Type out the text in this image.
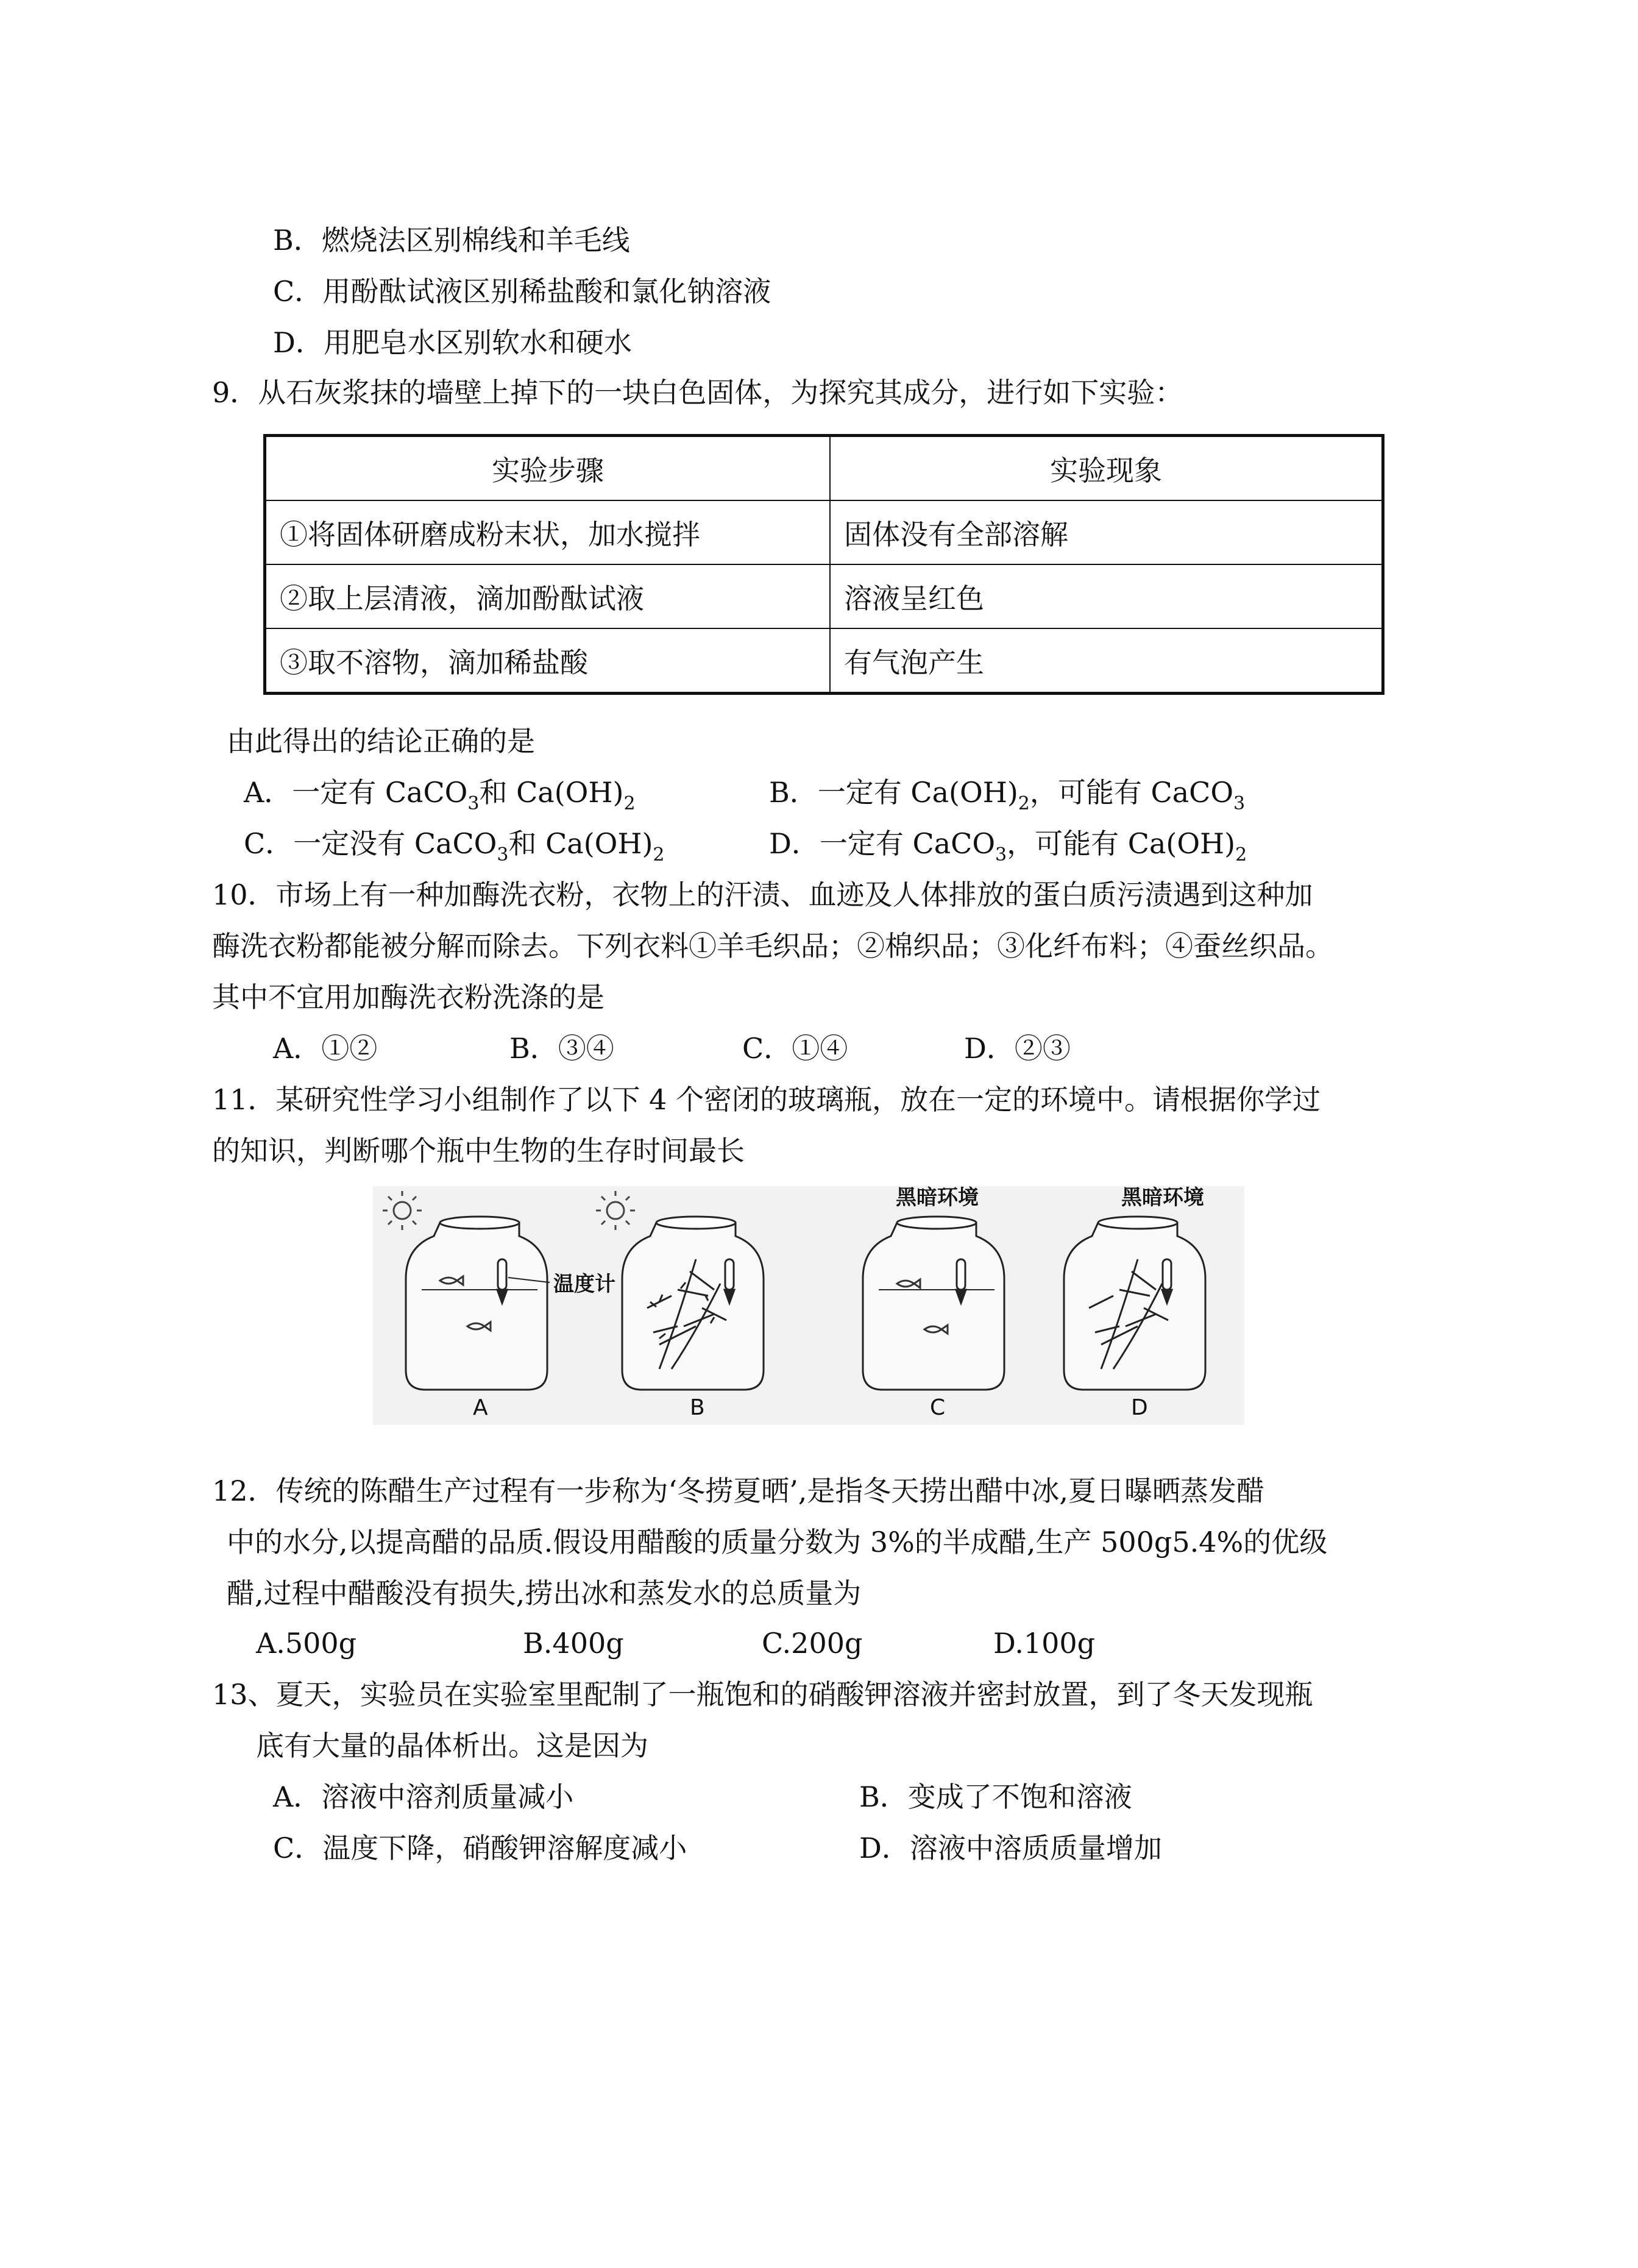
B．燃烧法区别棉线和羊毛线
C．用酚酞试液区别稀盐酸和氯化钠溶液
D．用肥皂水区别软水和硬水
9．从石灰浆抹的墙壁上掉下的一块白色固体，为探究其成分，进行如下实验：
实验步骤	实验现象
①将固体研磨成粉末状，加水搅拌	固体没有全部溶解
②取上层清液，滴加酚酞试液	溶液呈红色
③取不溶物，滴加稀盐酸	有气泡产生
由此得出的结论正确的是
A．一定有 CaCO$_3$和 $Ca(OH)_2$	B．一定有 $Ca(OH)_2$，可能有 CaCO$_3$
C．一定没有 CaCO$_3$和 $Ca(OH)_2$	D．一定有 CaCO$_3$，可能有 $Ca(OH)_2$
10．市场上有一种加酶洗衣粉，衣物上的汗渍、血迹及人体排放的蛋白质污渍遇到这种加
酶洗衣粉都能被分解而除去。下列衣料①羊毛织品；②棉织品；③化纤布料；④蚕丝织品。
其中不宜用加酶洗衣粉洗涤的是
A．①②	B．③④	C．①④	D．②③
11．某研究性学习小组制作了以下 4 个密闭的玻璃瓶，放在一定的环境中。请根据你学过
的知识，判断哪个瓶中生物的生存时间最长
温度计
黑暗环境	黑暗环境
A	B	C	D
12．传统的陈醋生产过程有一步称为‘冬捞夏晒’,是指冬天捞出醋中冰,夏日曝晒蒸发醋
中的水分,以提高醋的品质.假设用醋酸的质量分数为 3%的半成醋,生产 500g5.4%的优级
醋,过程中醋酸没有损失,捞出冰和蒸发水的总质量为
A.500g	B.400g	C.200g	D.100g
13、夏天，实验员在实验室里配制了一瓶饱和的硝酸钾溶液并密封放置，到了冬天发现瓶
底有大量的晶体析出。这是因为
A．溶液中溶剂质量减小	B．变成了不饱和溶液
C．温度下降，硝酸钾溶解度减小	D．溶液中溶质质量增加
